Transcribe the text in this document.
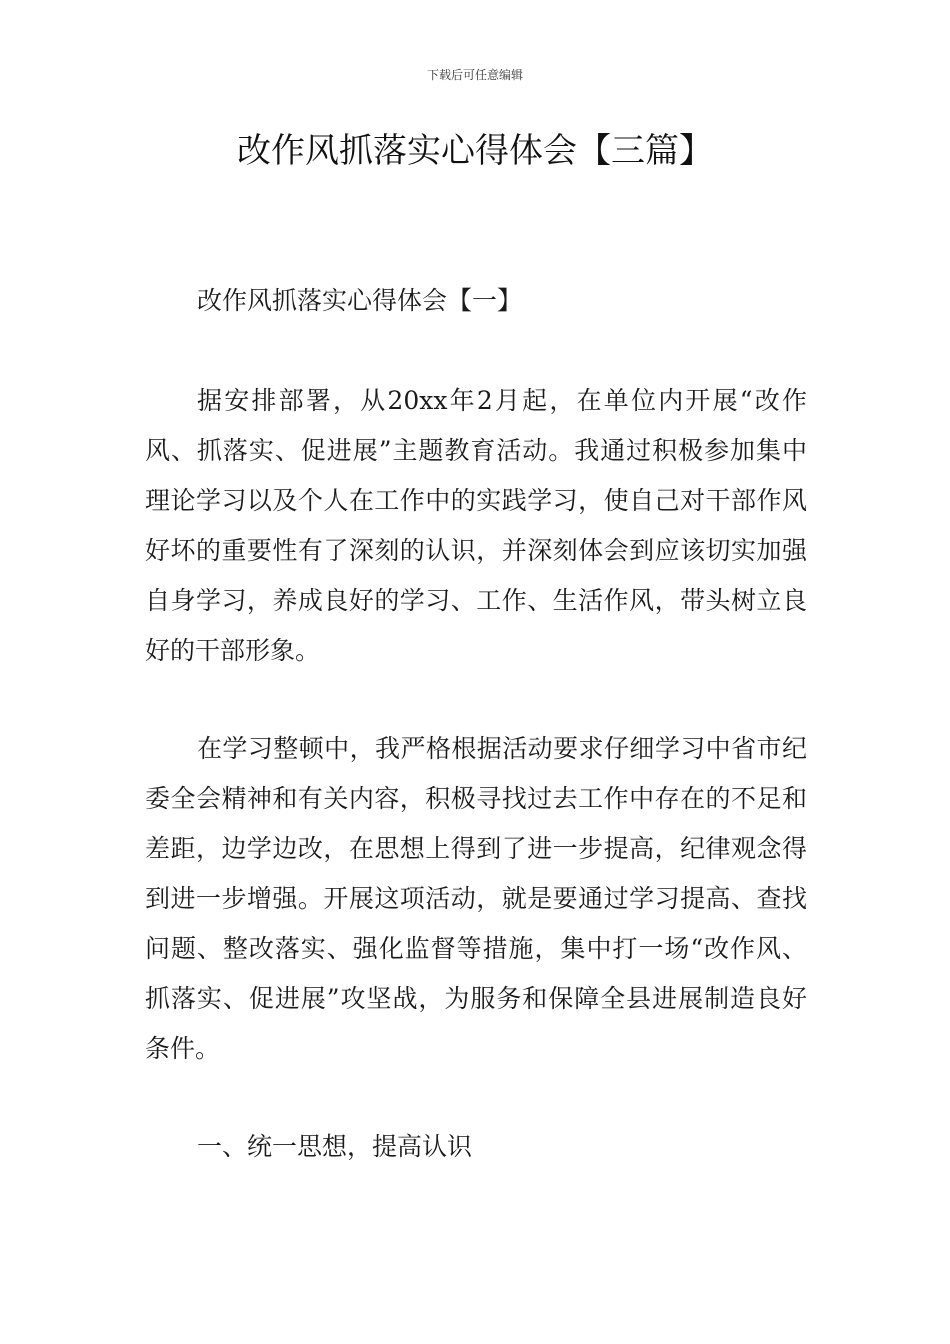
下载后可任意编辑
改作风抓落实心得体会【三篇】

改作风抓落实心得体会【一】

据安排部署，从20xx年2月起，在单位内开展“改作风、抓落实、促进展”主题教育活动。我通过积极参加集中理论学习以及个人在工作中的实践学习，使自己对干部作风好坏的重要性有了深刻的认识，并深刻体会到应该切实加强自身学习，养成良好的学习、工作、生活作风，带头树立良好的干部形象。

在学习整顿中，我严格根据活动要求仔细学习中省市纪委全会精神和有关内容，积极寻找过去工作中存在的不足和差距，边学边改，在思想上得到了进一步提高，纪律观念得到进一步增强。开展这项活动，就是要通过学习提高、查找问题、整改落实、强化监督等措施，集中打一场“改作风、抓落实、促进展”攻坚战，为服务和保障全县进展制造良好条件。

一、统一思想，提高认识
